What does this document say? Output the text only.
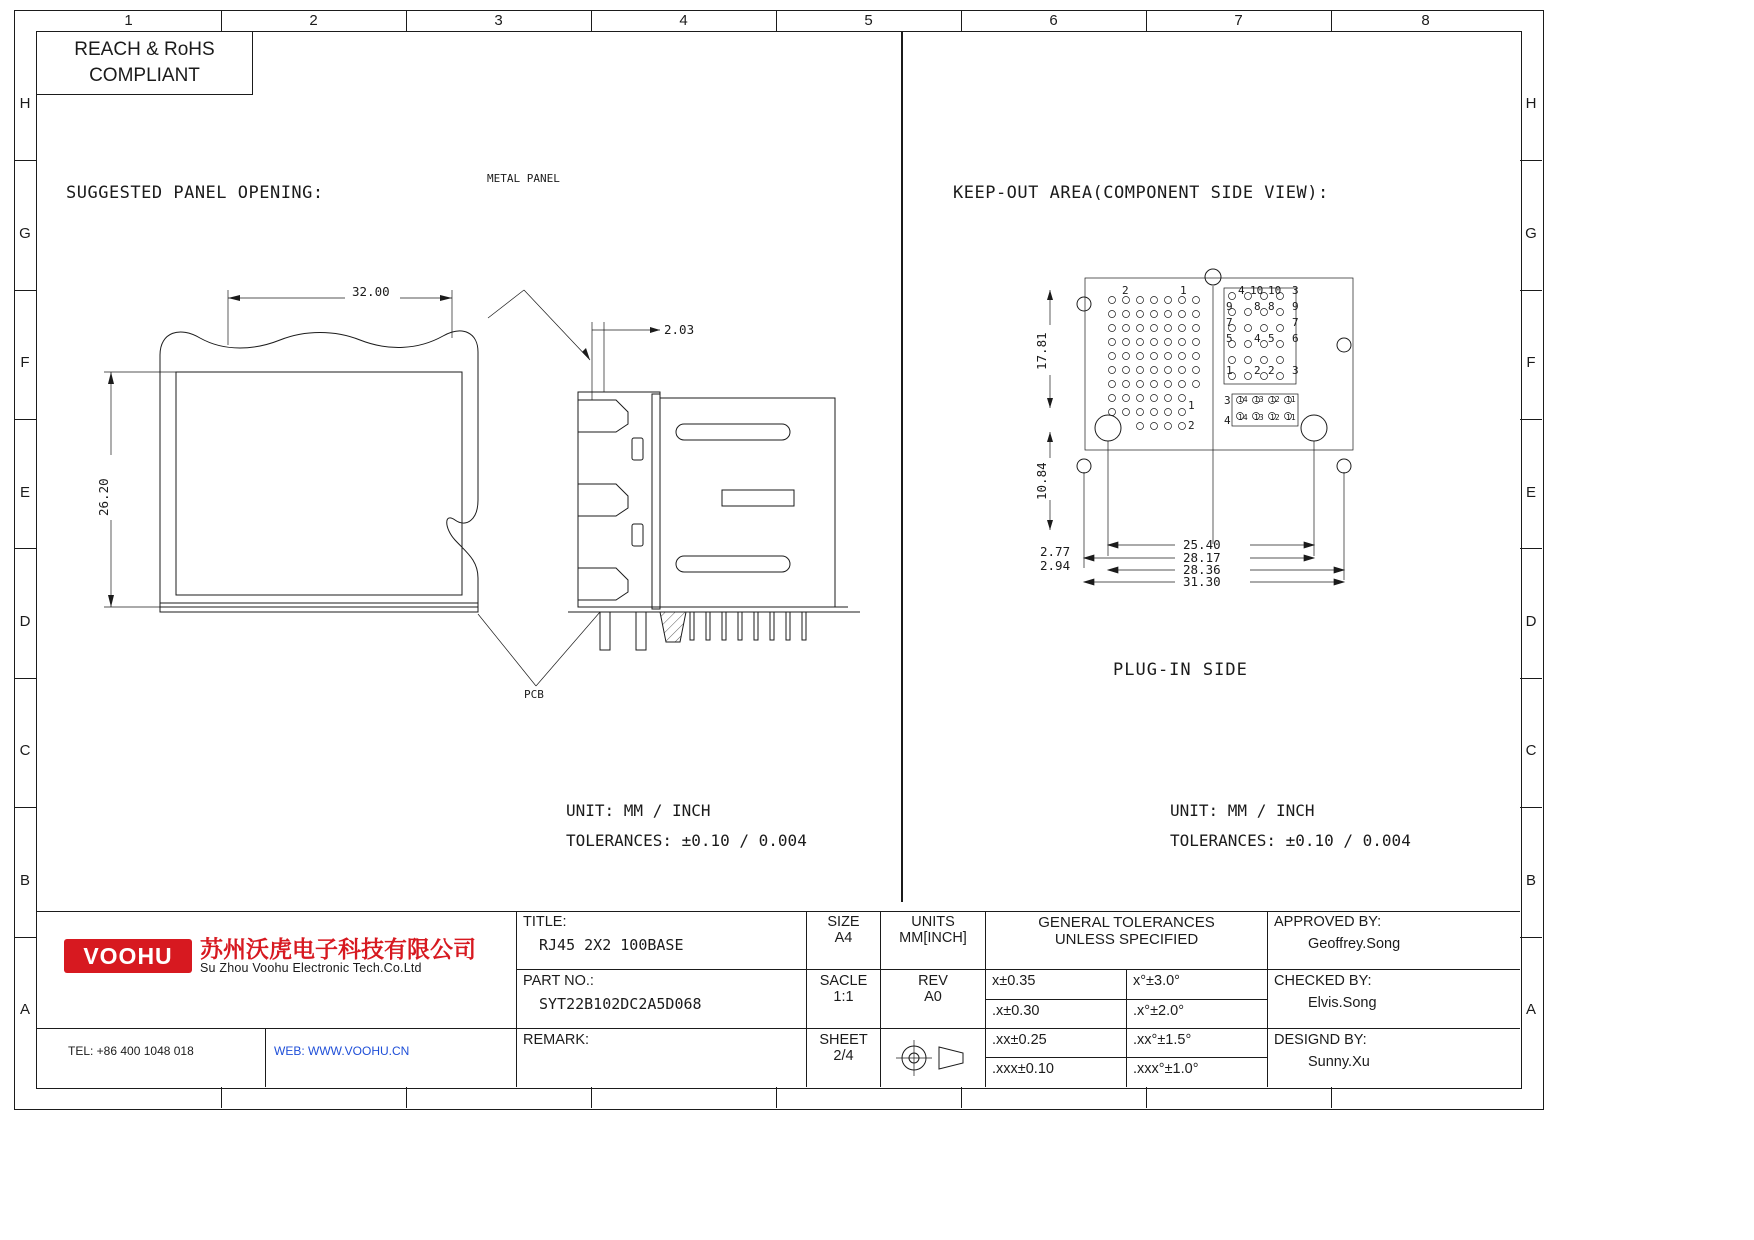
1	2	3	4	5	6	7	8
H
G
F
E
D
C
B
A
H
G
F
E
D
C
B
A
REACH & RoHS
COMPLIANT
SUGGESTED PANEL OPENING:	KEEP-OUT AREA(COMPONENT SIDE VIEW):
32.00
26.20
METAL PANEL
PCB
2.03
2	1
1
2
4 10 10 3
9	9
8 8
7	7
5	6
4 5
1 2 2 3
3 14 13 12 11
4 14 13 12 11
17.81
10.84
25.40
28.17
28.36
31.30
2.77
2.94
PLUG-IN SIDE
UNIT: MM / INCH
TOLERANCES: ±0.10 / 0.004
UNIT: MM / INCH
TOLERANCES: ±0.10 / 0.004
VOOHU 苏州沃虎电子科技有限公司
Su Zhou Voohu Electronic Tech.Co.Ltd
TEL: +86 400 1048 018	WEB: WWW.VOOHU.CN
TITLE:
RJ45 2X2 100BASE
PART NO.:
SYT22B102DC2A5D068
REMARK:
SIZE
A4
SACLE
1:1
SHEET
2/4
UNITS
MM[INCH]
REV
A0
GENERAL TOLERANCES
UNLESS SPECIFIED
x±0.35	x°±3.0°
.x±0.30	.x°±2.0°
.xx±0.25	.xx°±1.5°
.xxx±0.10	.xxx°±1.0°
APPROVED BY:
Geoffrey.Song
CHECKED BY:
Elvis.Song
DESIGND BY:
Sunny.Xu
